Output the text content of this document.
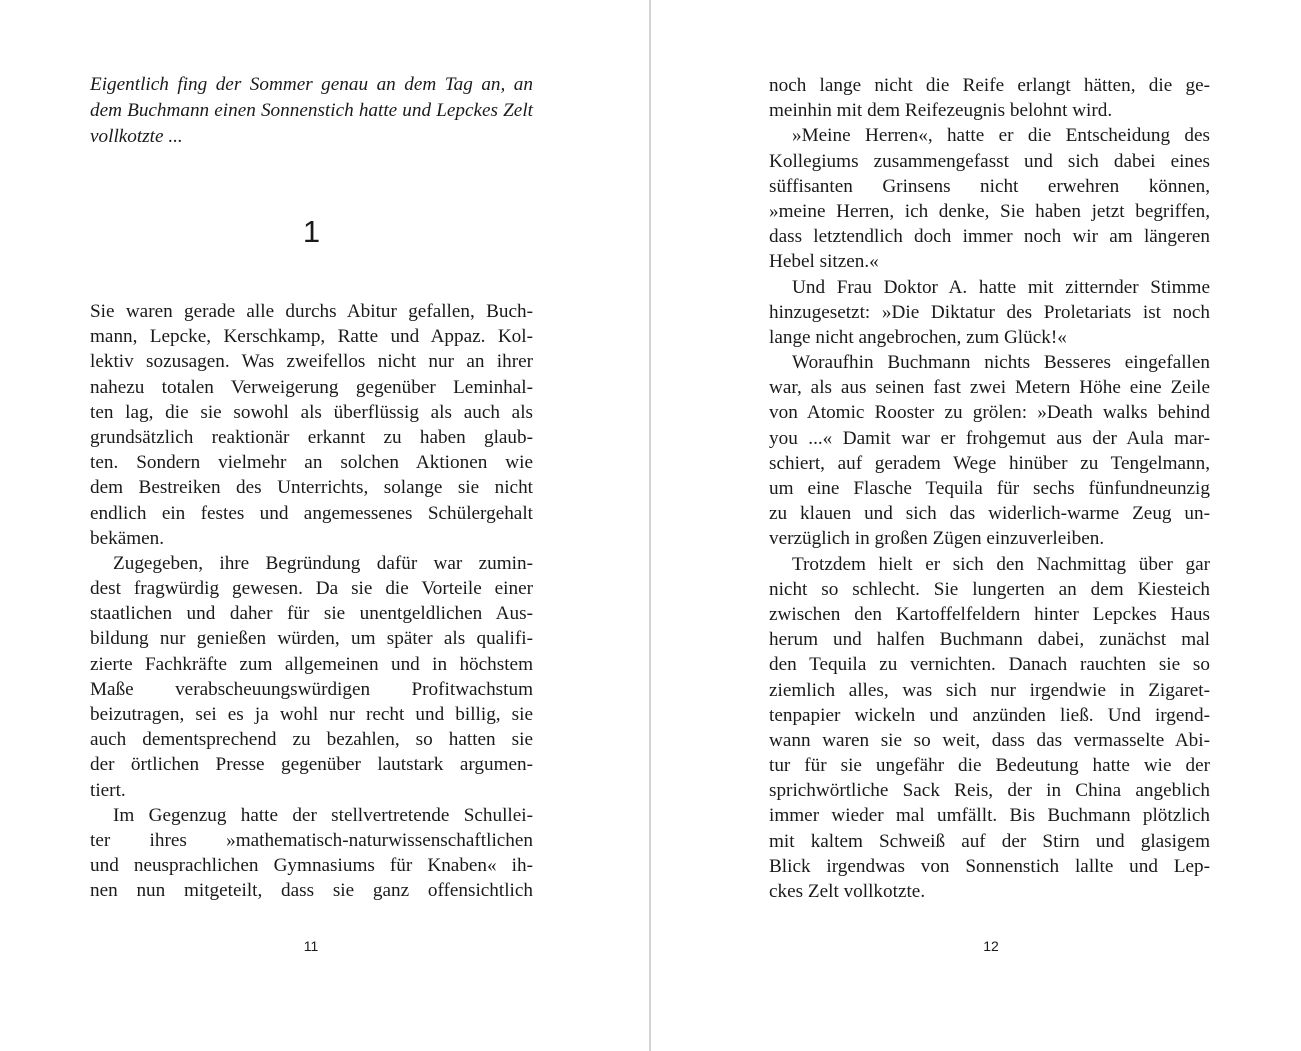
Eigentlich fing der Sommer genau an dem Tag an, an dem Buchmann einen Sonnenstich hatte und Lepckes Zelt vollkotzte ...

1

Sie waren gerade alle durchs Abitur gefallen, Buch-
mann, Lepcke, Kerschkamp, Ratte und Appaz. Kol-
lektiv sozusagen. Was zweifellos nicht nur an ihrer
nahezu totalen Verweigerung gegenüber Leminhal-
ten lag, die sie sowohl als überflüssig als auch als
grundsätzlich reaktionär erkannt zu haben glaub-
ten. Sondern vielmehr an solchen Aktionen wie
dem Bestreiken des Unterrichts, solange sie nicht
endlich ein festes und angemessenes Schülergehalt
bekämen.
Zugegeben, ihre Begründung dafür war zumin-
dest fragwürdig gewesen. Da sie die Vorteile einer
staatlichen und daher für sie unentgeldlichen Aus-
bildung nur genießen würden, um später als qualifi-
zierte Fachkräfte zum allgemeinen und in höchstem
Maße verabscheuungswürdigen Profitwachstum
beizutragen, sei es ja wohl nur recht und billig, sie
auch dementsprechend zu bezahlen, so hatten sie
der örtlichen Presse gegenüber lautstark argumen-
tiert.
Im Gegenzug hatte der stellvertretende Schullei-
ter ihres »mathematisch-naturwissenschaftlichen
und neusprachlichen Gymnasiums für Knaben« ih-
nen nun mitgeteilt, dass sie ganz offensichtlich
11
noch lange nicht die Reife erlangt hätten, die ge-
meinhin mit dem Reifezeugnis belohnt wird.
»Meine Herren«, hatte er die Entscheidung des
Kollegiums zusammengefasst und sich dabei eines
süffisanten Grinsens nicht erwehren können,
»meine Herren, ich denke, Sie haben jetzt begriffen,
dass letztendlich doch immer noch wir am längeren
Hebel sitzen.«
Und Frau Doktor A. hatte mit zitternder Stimme
hinzugesetzt: »Die Diktatur des Proletariats ist noch
lange nicht angebrochen, zum Glück!«
Woraufhin Buchmann nichts Besseres eingefallen
war, als aus seinen fast zwei Metern Höhe eine Zeile
von Atomic Rooster zu grölen: »Death walks behind
you ...« Damit war er frohgemut aus der Aula mar-
schiert, auf geradem Wege hinüber zu Tengelmann,
um eine Flasche Tequila für sechs fünfundneunzig
zu klauen und sich das widerlich-warme Zeug un-
verzüglich in großen Zügen einzuverleiben.
Trotzdem hielt er sich den Nachmittag über gar
nicht so schlecht. Sie lungerten an dem Kiesteich
zwischen den Kartoffelfeldern hinter Lepckes Haus
herum und halfen Buchmann dabei, zunächst mal
den Tequila zu vernichten. Danach rauchten sie so
ziemlich alles, was sich nur irgendwie in Zigaret-
tenpapier wickeln und anzünden ließ. Und irgend-
wann waren sie so weit, dass das vermasselte Abi-
tur für sie ungefähr die Bedeutung hatte wie der
sprichwörtliche Sack Reis, der in China angeblich
immer wieder mal umfällt. Bis Buchmann plötzlich
mit kaltem Schweiß auf der Stirn und glasigem
Blick irgendwas von Sonnenstich lallte und Lep-
ckes Zelt vollkotzte.
12
